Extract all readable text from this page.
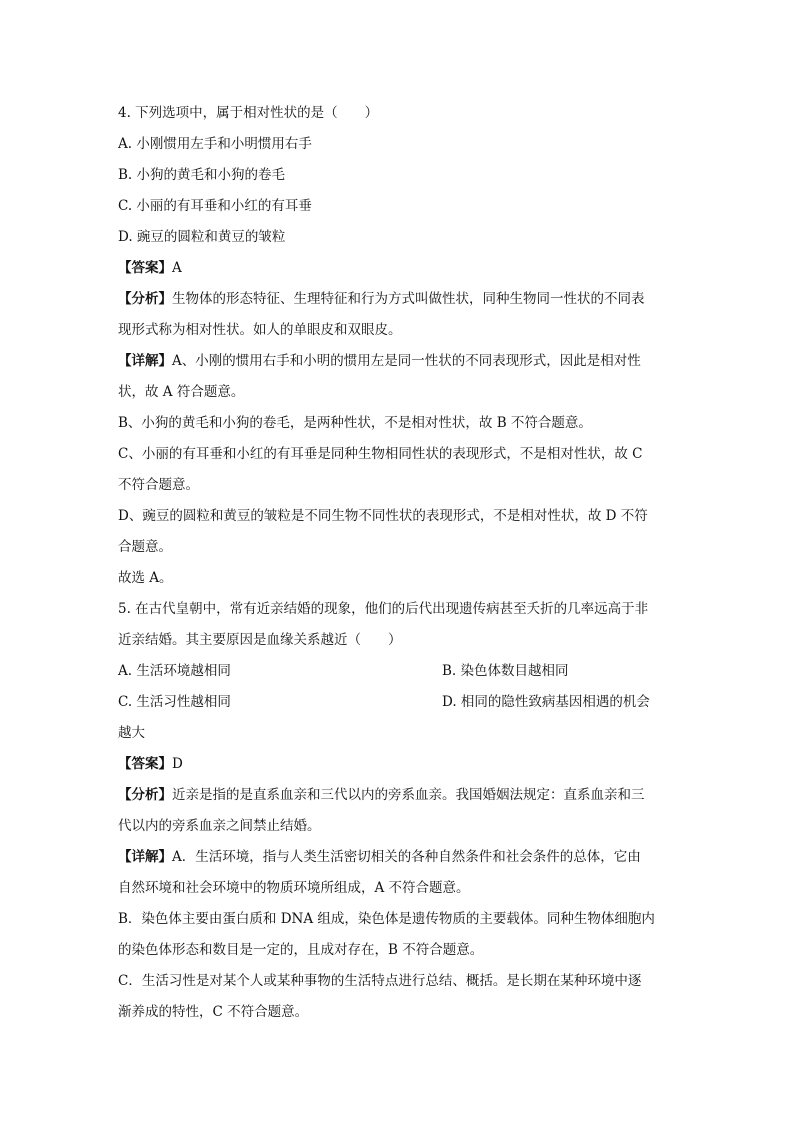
4. 下列选项中，属于相对性状的是（　　）

A. 小刚惯用左手和小明惯用右手

B. 小狗的黄毛和小狗的卷毛

C. 小丽的有耳垂和小红的有耳垂

D. 豌豆的圆粒和黄豆的皱粒

【答案】A

【分析】生物体的形态特征、生理特征和行为方式叫做性状，同种生物同一性状的不同表

现形式称为相对性状。如人的单眼皮和双眼皮。

【详解】A、小刚的惯用右手和小明的惯用左是同一性状的不同表现形式，因此是相对性

状，故 A 符合题意。

B、小狗的黄毛和小狗的卷毛，是两种性状，不是相对性状，故 B 不符合题意。

C、小丽的有耳垂和小红的有耳垂是同种生物相同性状的表现形式，不是相对性状，故 C

不符合题意。

D、豌豆的圆粒和黄豆的皱粒是不同生物不同性状的表现形式，不是相对性状，故 D 不符

合题意。

故选 A。

5. 在古代皇朝中，常有近亲结婚的现象，他们的后代出现遗传病甚至夭折的几率远高于非

近亲结婚。其主要原因是血缘关系越近（　　）

A. 生活环境越相同	B. 染色体数目越相同
C. 生活习性越相同	D. 相同的隐性致病基因相遇的机会

越大

【答案】D

【分析】近亲是指的是直系血亲和三代以内的旁系血亲。我国婚姻法规定：直系血亲和三

代以内的旁系血亲之间禁止结婚。

【详解】A．生活环境，指与人类生活密切相关的各种自然条件和社会条件的总体，它由

自然环境和社会环境中的物质环境所组成，A 不符合题意。

B．染色体主要由蛋白质和 DNA 组成，染色体是遗传物质的主要载体。同种生物体细胞内

的染色体形态和数目是一定的，且成对存在，B 不符合题意。

C．生活习性是对某个人或某种事物的生活特点进行总结、概括。是长期在某种环境中逐

渐养成的特性，C 不符合题意。
